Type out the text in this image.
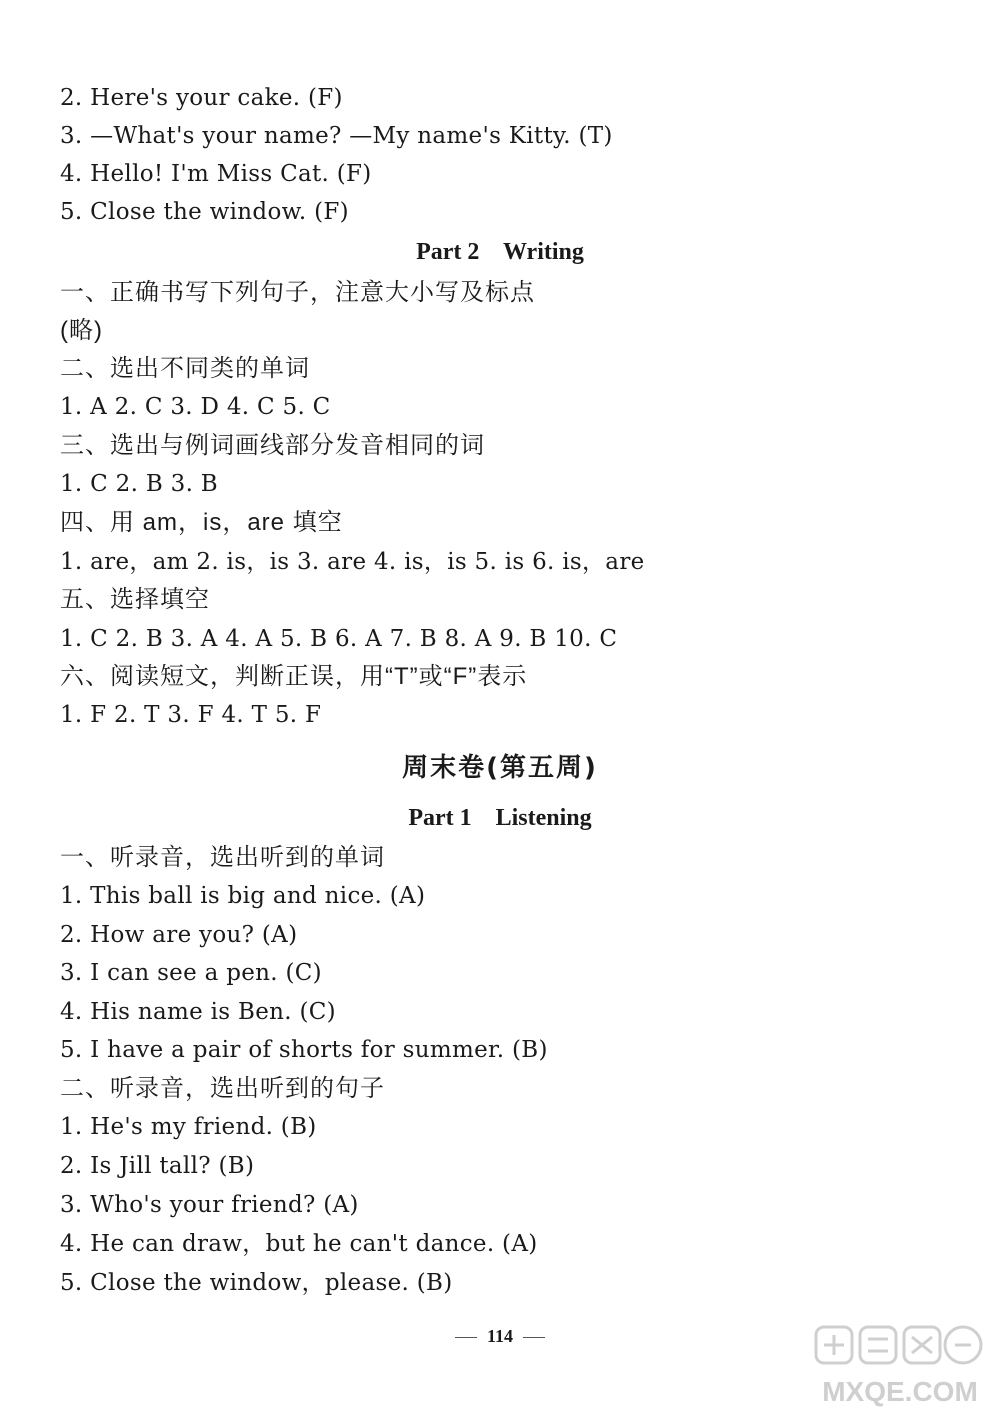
2. Here's your cake. (F)
3. —What's your name? —My name's Kitty. (T)
4. Hello! I'm Miss Cat. (F)
5. Close the window. (F)
Part 2    Writing
一、正确书写下列句子，注意大小写及标点
(略)
二、选出不同类的单词
1. A 2. C 3. D 4. C 5. C
三、选出与例词画线部分发音相同的词
1. C 2. B 3. B
四、用 am，is，are 填空
1. are，am 2. is，is 3. are 4. is，is 5. is 6. is，are
五、选择填空
1. C 2. B 3. A 4. A 5. B 6. A 7. B 8. A 9. B 10. C
六、阅读短文，判断正误，用“T”或“F”表示
1. F 2. T 3. F 4. T 5. F
周末卷(第五周)
Part 1    Listening
一、听录音，选出听到的单词
1. This ball is big and nice. (A)
2. How are you? (A)
3. I can see a pen. (C)
4. His name is Ben. (C)
5. I have a pair of shorts for summer. (B)
二、听录音，选出听到的句子
1. He's my friend. (B)
2. Is Jill tall? (B)
3. Who's your friend? (A)
4. He can draw，but he can't dance. (A)
5. Close the window，please. (B)
114
MXQE.COM
